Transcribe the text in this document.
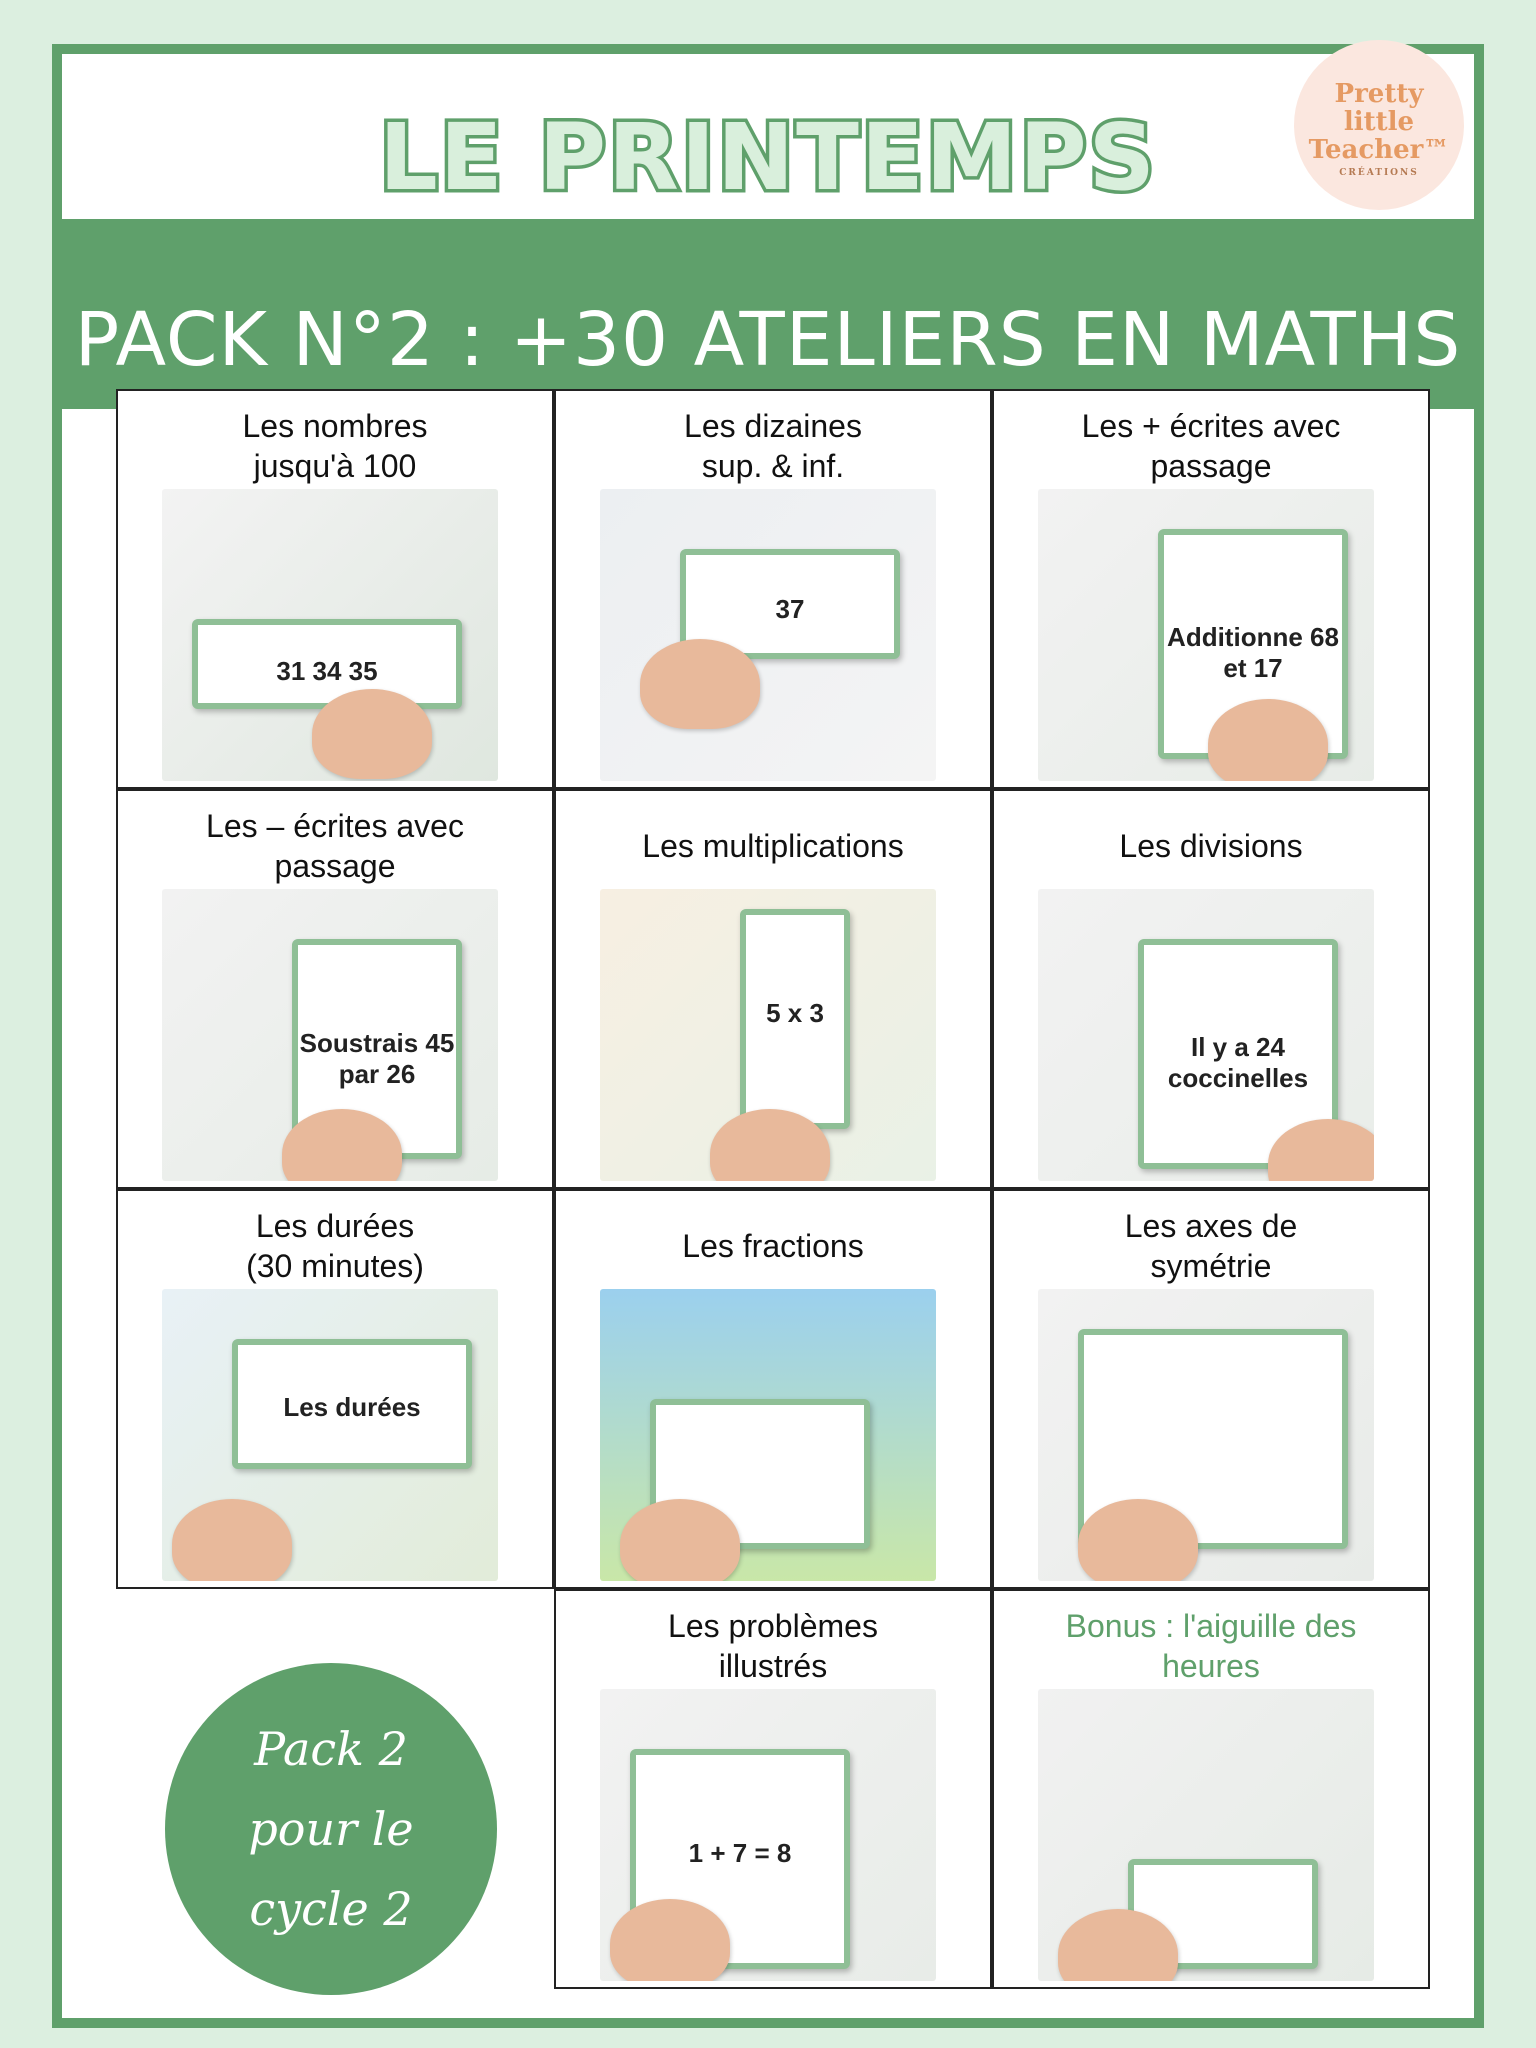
LE PRINTEMPS
Pretty
little
Teacher™
CRÉATIONS
PACK N°2 : +30 ATELIERS EN MATHS
Les nombres
jusqu'à 100
31 34 35
Les dizaines
sup. & inf.
37
Les + écrites avec
passage
Additionne 68 et 17
Les – écrites avec
passage
Soustrais 45 par 26
Les multiplications
5 x 3
Les divisions
Il y a 24 coccinelles
Les durées
(30 minutes)
Les durées
Les fractions
Les axes de
symétrie
Les problèmes
illustrés
1 + 7 = 8
Bonus : l'aiguille des
heures
Pack 2
pour le
cycle 2
